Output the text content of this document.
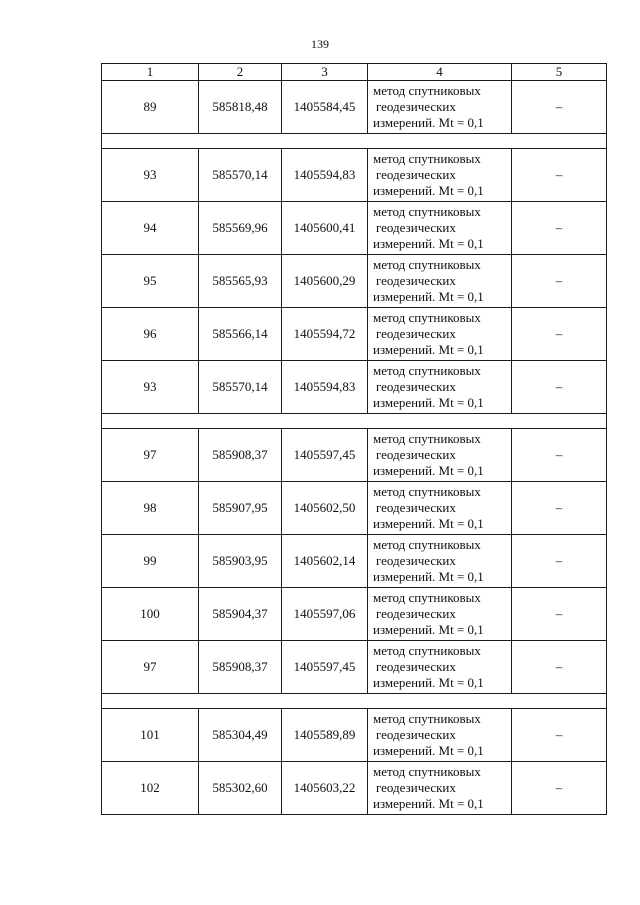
139
1	2	3	4	5
89	585818,48	1405584,45	метод спутниковых
геодезических
измерений. Mt = 0,1	–

93	585570,14	1405594,83	метод спутниковых
геодезических
измерений. Mt = 0,1	–
94	585569,96	1405600,41	метод спутниковых
геодезических
измерений. Mt = 0,1	–
95	585565,93	1405600,29	метод спутниковых
геодезических
измерений. Mt = 0,1	–
96	585566,14	1405594,72	метод спутниковых
геодезических
измерений. Mt = 0,1	–
93	585570,14	1405594,83	метод спутниковых
геодезических
измерений. Mt = 0,1	–

97	585908,37	1405597,45	метод спутниковых
геодезических
измерений. Mt = 0,1	–
98	585907,95	1405602,50	метод спутниковых
геодезических
измерений. Mt = 0,1	–
99	585903,95	1405602,14	метод спутниковых
геодезических
измерений. Mt = 0,1	–
100	585904,37	1405597,06	метод спутниковых
геодезических
измерений. Mt = 0,1	–
97	585908,37	1405597,45	метод спутниковых
геодезических
измерений. Mt = 0,1	–

101	585304,49	1405589,89	метод спутниковых
геодезических
измерений. Mt = 0,1	–
102	585302,60	1405603,22	метод спутниковых
геодезических
измерений. Mt = 0,1	–
